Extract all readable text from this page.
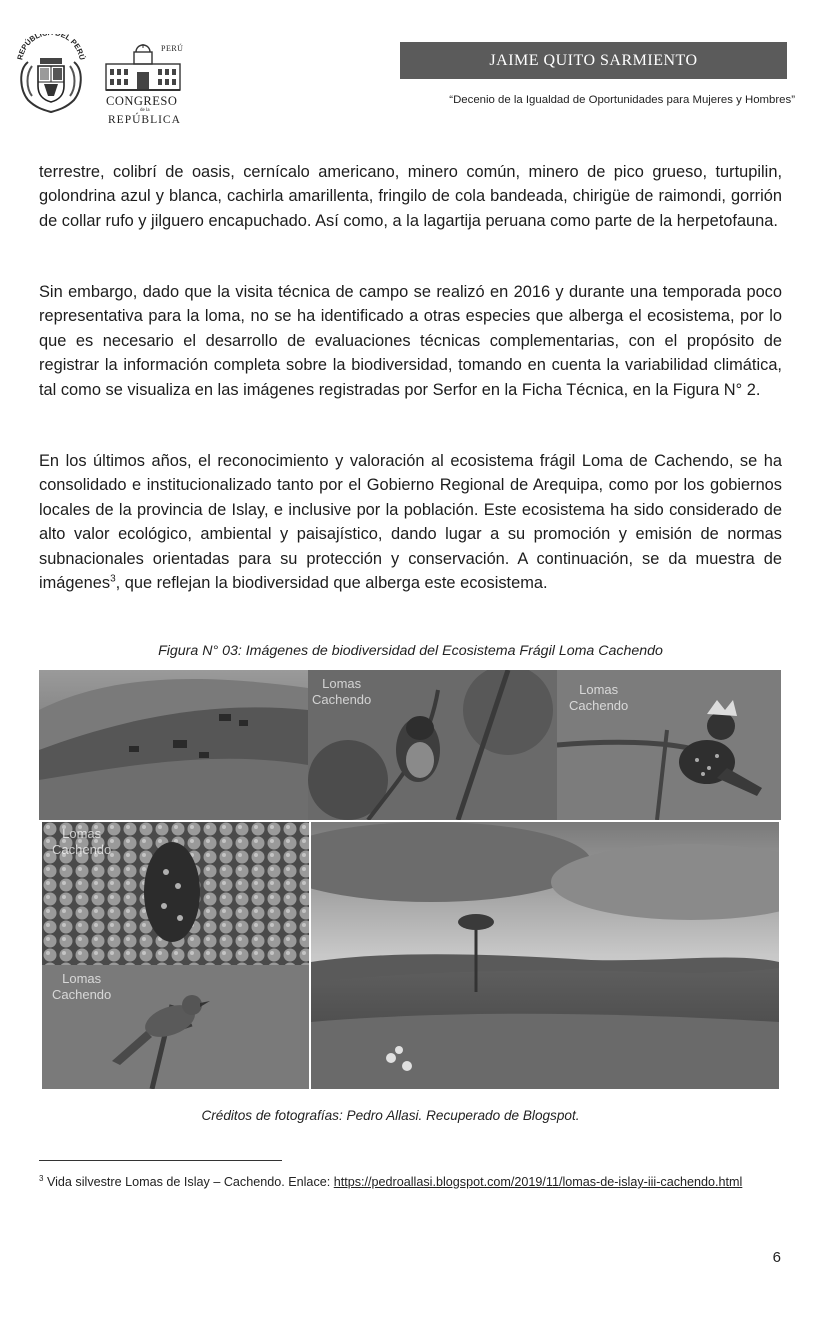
REPÚBLI EL PERÚ
PERÚ
CONGRESO
de la
REPÚBLICA
JAIME QUITO SARMIENTO
“Decenio de la Igualdad de Oportunidades para Mujeres y Hombres”

terrestre, colibrí de oasis, cernícalo americano, minero común, minero de pico grueso, turtupilin, golondrina azul y blanca, cachirla amarillenta, fringilo de cola bandeada, chirigüe de raimondi, gorrión de collar rufo y jilguero encapuchado. Así como, a la lagartija peruana como parte de la herpetofauna.

Sin embargo, dado que la visita técnica de campo se realizó en 2016 y durante una temporada poco representativa para la loma, no se ha identificado a otras especies que alberga el ecosistema, por lo que es necesario el desarrollo de evaluaciones técnicas complementarias, con el propósito de registrar la información completa sobre la biodiversidad, tomando en cuenta la variabilidad climática, tal como se visualiza en las imágenes registradas por Serfor en la Ficha Técnica, en la Figura N° 2.

En los últimos años, el reconocimiento y valoración al ecosistema frágil Loma de Cachendo, se ha consolidado e institucionalizado tanto por el Gobierno Regional de Arequipa, como por los gobiernos locales de la provincia de Islay, e inclusive por la población. Este ecosistema ha sido considerado de alto valor ecológico, ambiental y paisajístico, dando lugar a su promoción y emisión de normas subnacionales orientadas para su protección y conservación. A continuación, se da muestra de imágenes$^3$, que reflejan la biodiversidad que alberga este ecosistema.

Figura N° 03: Imágenes de biodiversidad del Ecosistema Frágil Loma Cachendo
Lomas
Cachendo
Lomas
Cachendo
Lomas
Cachendo
Lomas
Cachendo
Créditos de fotografías: Pedro Allasi. Recuperado de Blogspot.
$^3$ Vida silvestre Lomas de Islay – Cachendo. Enlace: https://pedroallasi.blogspot.com/2019/11/lomas-de-islay-iii-cachendo.html
6
